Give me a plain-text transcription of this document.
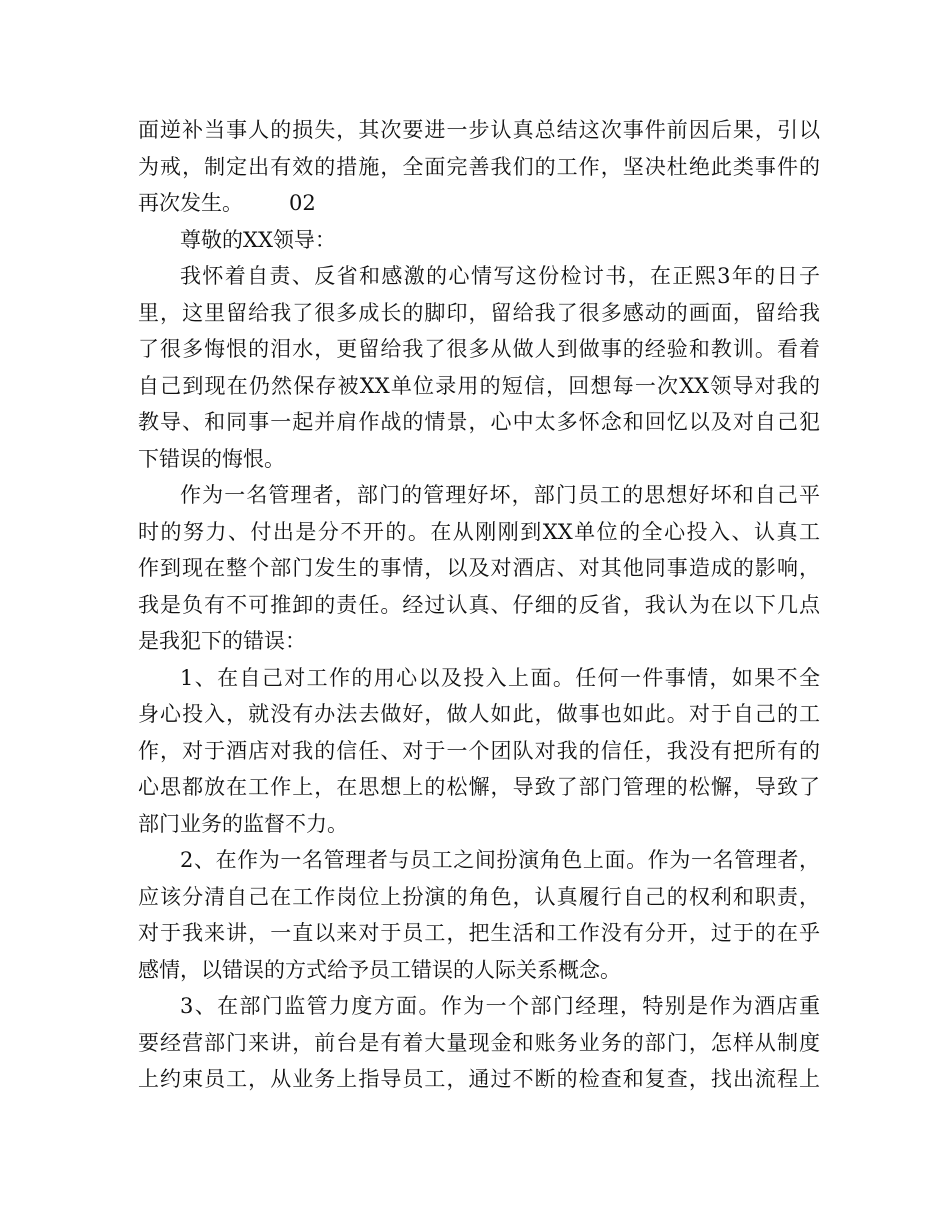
面逆补当事人的损失，其次要进一步认真总结这次事件前因后果，引以
为戒，制定出有效的措施，全面完善我们的工作，坚决杜绝此类事件的
再次发生。 02
尊敬的XX领导：
我怀着自责、反省和感激的心情写这份检讨书，在正熙3年的日子
里，这里留给我了很多成长的脚印，留给我了很多感动的画面，留给我
了很多悔恨的泪水，更留给我了很多从做人到做事的经验和教训。看着
自己到现在仍然保存被XX单位录用的短信，回想每一次XX领导对我的
教导、和同事一起并肩作战的情景，心中太多怀念和回忆以及对自己犯
下错误的悔恨。
作为一名管理者，部门的管理好坏，部门员工的思想好坏和自己平
时的努力、付出是分不开的。在从刚刚到XX单位的全心投入、认真工
作到现在整个部门发生的事情，以及对酒店、对其他同事造成的影响，
我是负有不可推卸的责任。经过认真、仔细的反省，我认为在以下几点
是我犯下的错误：
1、在自己对工作的用心以及投入上面。任何一件事情，如果不全
身心投入，就没有办法去做好，做人如此，做事也如此。对于自己的工
作，对于酒店对我的信任、对于一个团队对我的信任，我没有把所有的
心思都放在工作上，在思想上的松懈，导致了部门管理的松懈，导致了
部门业务的监督不力。
2、在作为一名管理者与员工之间扮演角色上面。作为一名管理者，
应该分清自己在工作岗位上扮演的角色，认真履行自己的权利和职责，
对于我来讲，一直以来对于员工，把生活和工作没有分开，过于的在乎
感情，以错误的方式给予员工错误的人际关系概念。
3、在部门监管力度方面。作为一个部门经理，特别是作为酒店重
要经营部门来讲，前台是有着大量现金和账务业务的部门，怎样从制度
上约束员工，从业务上指导员工，通过不断的检查和复查，找出流程上
